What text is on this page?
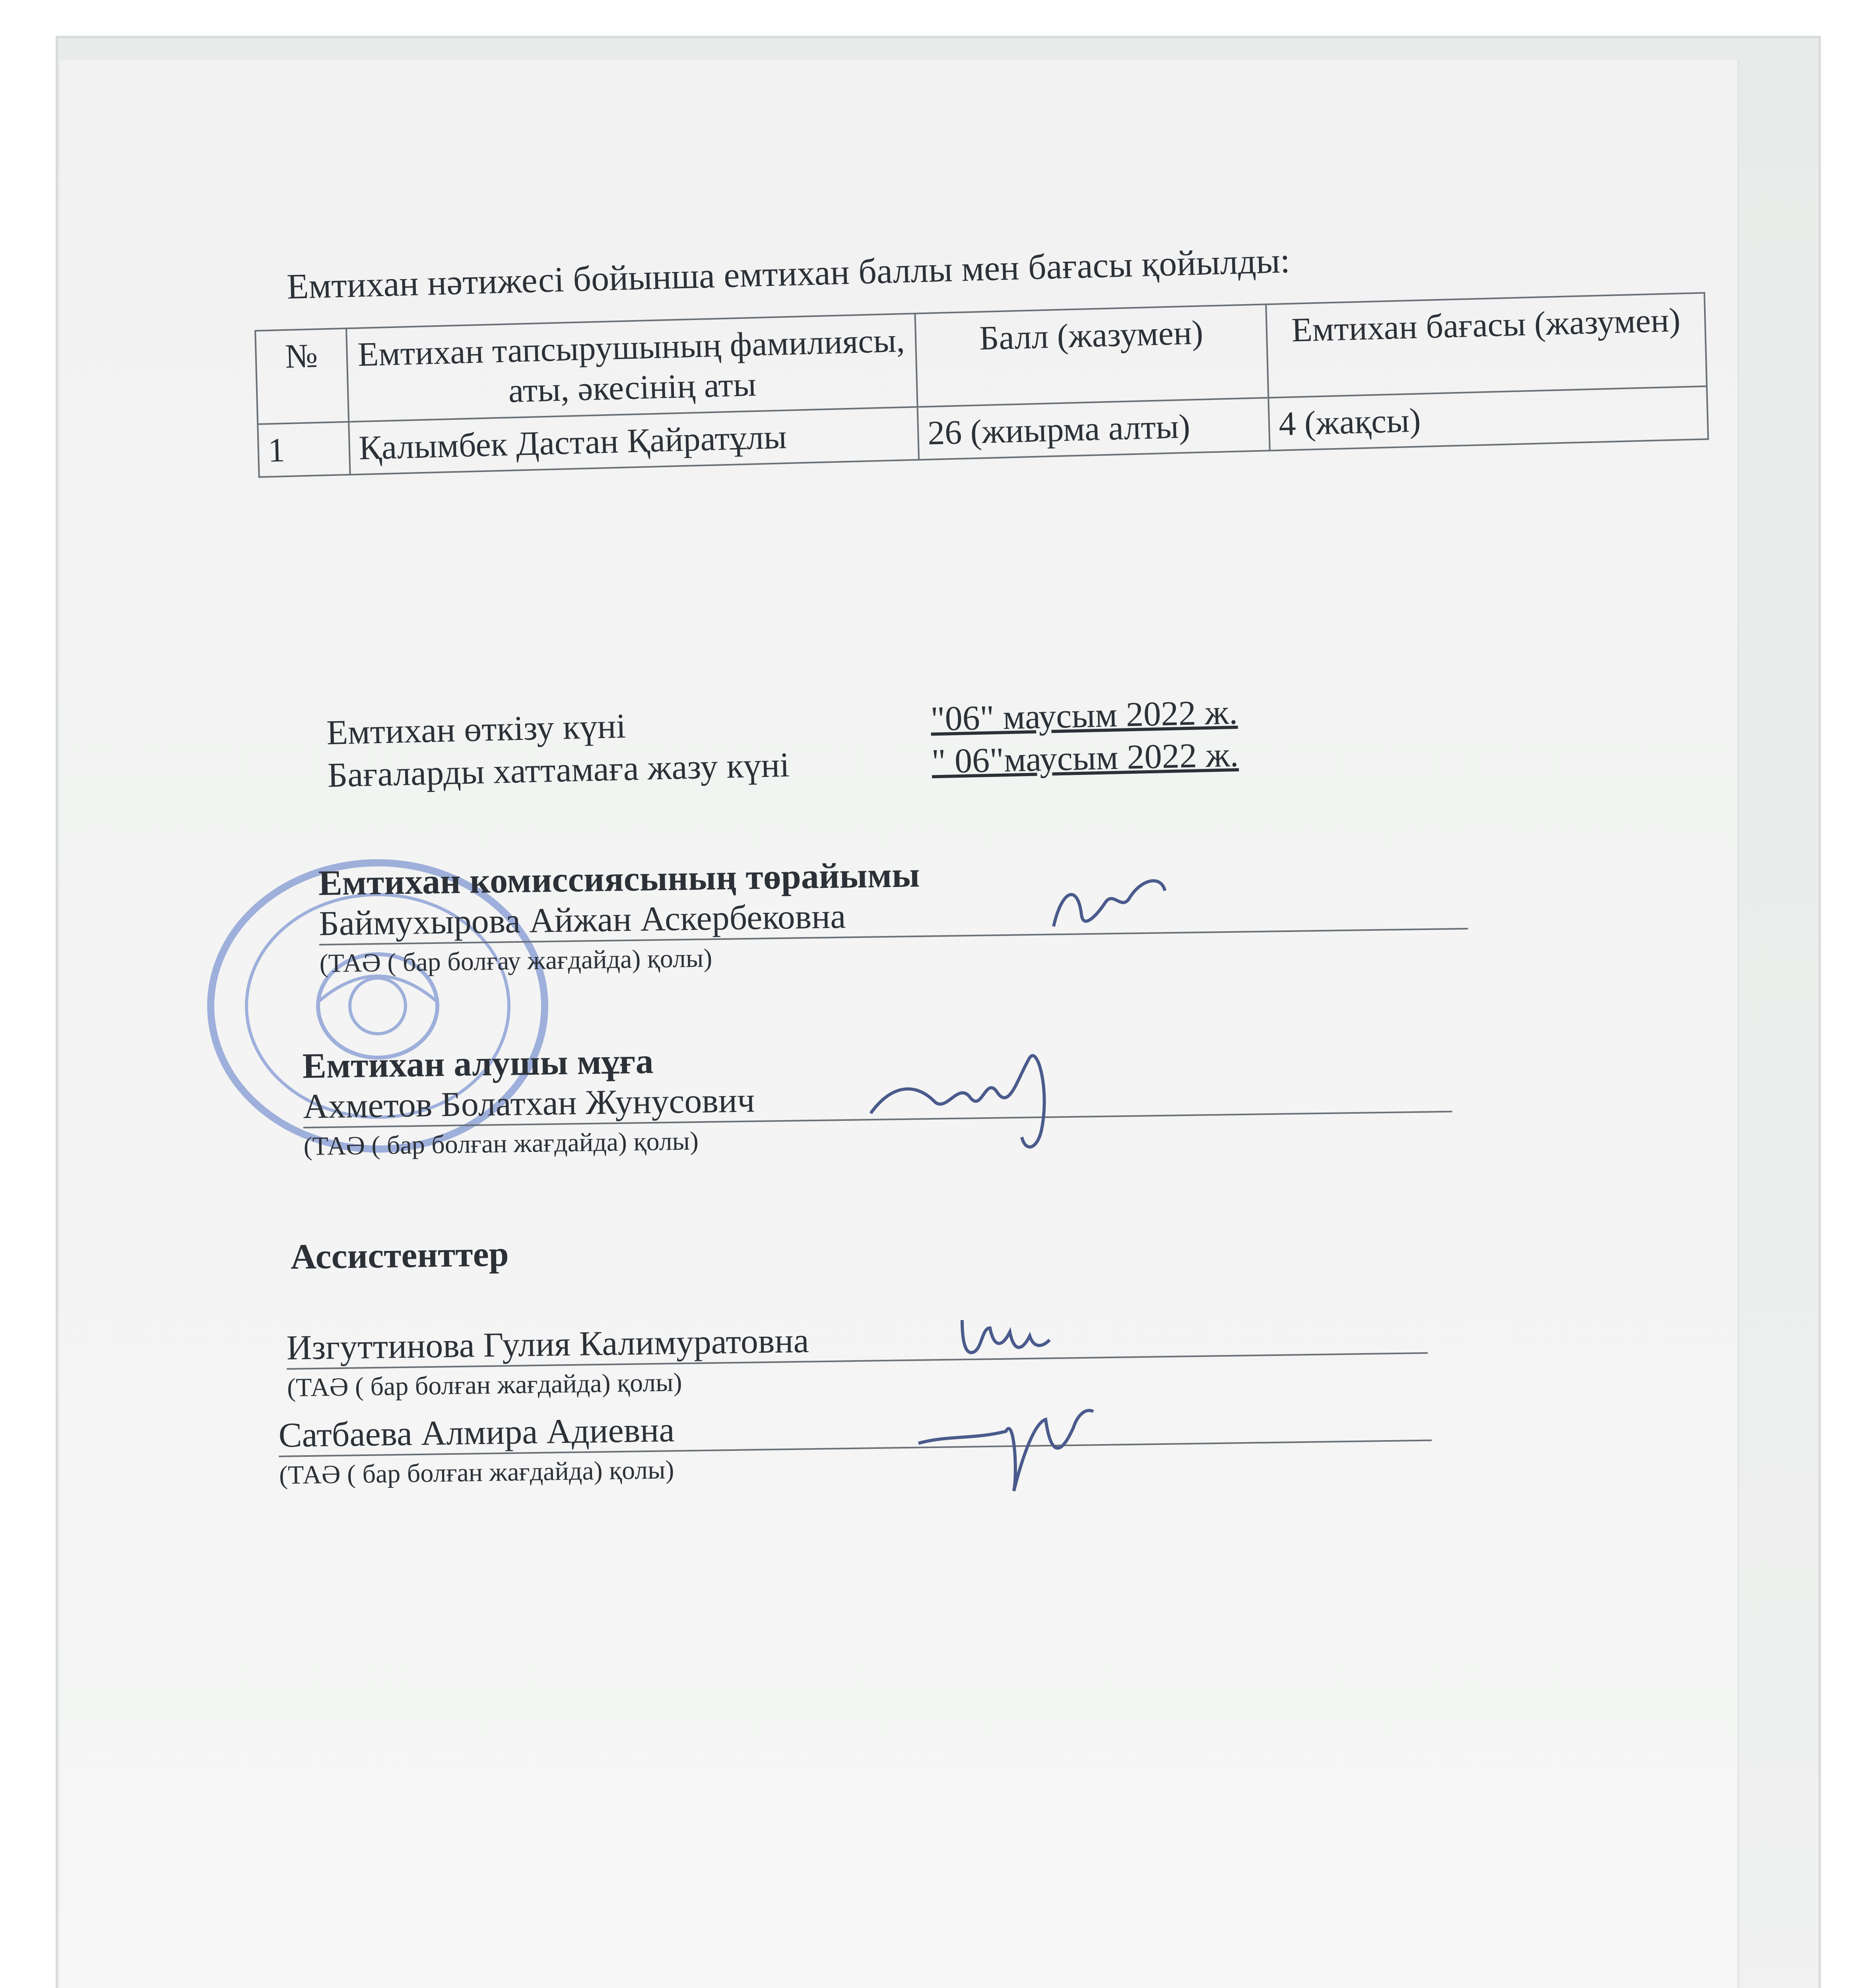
Емтихан нәтижесі бойынша емтихан баллы мен бағасы қойылды:
№	Емтихан тапсырушының фамилиясы, аты, әкесінің аты	Балл (жазумен)	Емтихан бағасы (жазумен)
1	Қалымбек Дастан Қайратұлы	26 (жиырма алты)	4 (жақсы)
Емтихан өткізу күні	"06" маусым 2022 ж.
Бағаларды хаттамаға жазу күні	" 06"маусым 2022 ж.
Емтихан комиссиясының төрайымы
Баймухырова Айжан Аскербековна
(ТАӘ ( бар болғау жағдайда) қолы)
Емтихан алушы мұға
Ахметов Болатхан Жунусович
(ТАӘ ( бар болған жағдайда) қолы)
Ассистенттер
Изгуттинова Гулия Калимуратовна
(ТАӘ ( бар болған жағдайда) қолы)
Сатбаева Алмира Адиевна
(ТАӘ ( бар болған жағдайда) қолы)
